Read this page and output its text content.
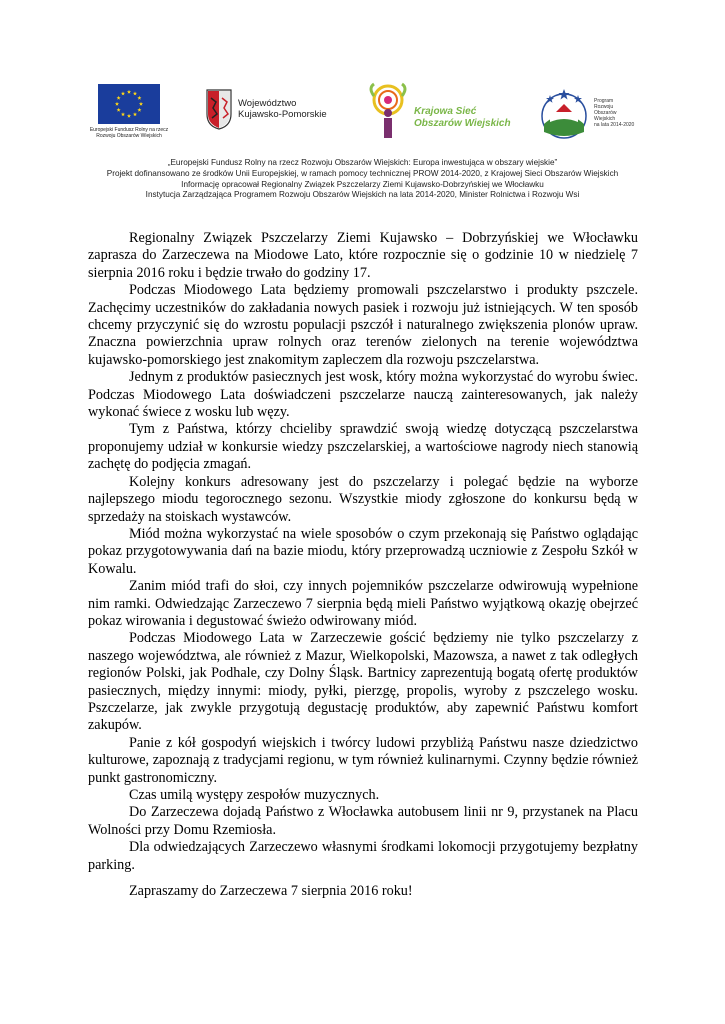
Europejski Fundusz Rolny na rzecz Rozwoju Obszarów Wiejskich
Województwo
Kujawsko-Pomorskie	Krajowa Sieć
Obszarów Wiejskich
Program
Rozwoju
Obszarów
Wiejskich
na lata 2014-2020
„Europejski Fundusz Rolny na rzecz Rozwoju Obszarów Wiejskich: Europa inwestująca w obszary wiejskie”
Projekt dofinansowano ze środków Unii Europejskiej, w ramach pomocy technicznej PROW 2014-2020, z Krajowej Sieci Obszarów Wiejskich
Informację opracował Regionalny Związek Pszczelarzy Ziemi Kujawsko-Dobrzyńskiej we Włocławku
Instytucja Zarządzająca Programem Rozwoju Obszarów Wiejskich na lata 2014-2020, Minister Rolnictwa i Rozwoju Wsi

Regionalny Związek Pszczelarzy Ziemi Kujawsko – Dobrzyńskiej we Włocławku zaprasza do Zarzeczewa na Miodowe Lato, które rozpocznie się o godzinie 10 w niedzielę 7 sierpnia 2016 roku i będzie trwało do godziny 17.

Podczas Miodowego Lata będziemy promowali pszczelarstwo i produkty pszczele. Zachęcimy uczestników do zakładania nowych pasiek i rozwoju już istniejących. W ten sposób chcemy przyczynić się do wzrostu populacji pszczół i naturalnego zwiększenia plonów upraw. Znaczna powierzchnia upraw rolnych oraz terenów zielonych na terenie województwa kujawsko-pomorskiego jest znakomitym zapleczem dla rozwoju pszczelarstwa.

Jednym z produktów pasiecznych jest wosk, który można wykorzystać do wyrobu świec. Podczas Miodowego Lata doświadczeni pszczelarze nauczą zainteresowanych, jak należy wykonać świece z wosku lub węzy.

Tym z Państwa, którzy chcieliby sprawdzić swoją wiedzę dotyczącą pszczelarstwa proponujemy udział w konkursie wiedzy pszczelarskiej, a wartościowe nagrody niech stanowią zachętę do podjęcia zmagań.

Kolejny konkurs adresowany jest do pszczelarzy i polegać będzie na wyborze najlepszego miodu tegorocznego sezonu. Wszystkie miody zgłoszone do konkursu będą w sprzedaży na stoiskach wystawców.

Miód można wykorzystać na wiele sposobów o czym przekonają się Państwo oglądając pokaz przygotowywania dań na bazie miodu, który przeprowadzą uczniowie z Zespołu Szkół w Kowalu.

Zanim miód trafi do słoi, czy innych pojemników pszczelarze odwirowują wypełnione nim ramki. Odwiedzając Zarzeczewo 7 sierpnia będą mieli Państwo wyjątkową okazję obejrzeć pokaz wirowania i degustować świeżo odwirowany miód.

Podczas Miodowego Lata w Zarzeczewie gościć będziemy nie tylko pszczelarzy z naszego województwa, ale również z Mazur, Wielkopolski, Mazowsza, a nawet z tak odległych regionów Polski, jak Podhale, czy Dolny Śląsk. Bartnicy zaprezentują bogatą ofertę produktów pasiecznych, między innymi: miody, pyłki, pierzgę, propolis, wyroby z pszczelego wosku. Pszczelarze, jak zwykle przygotują degustację produktów, aby zapewnić Państwu komfort zakupów.

Panie z kół gospodyń wiejskich i twórcy ludowi przybliżą Państwu nasze dziedzictwo kulturowe, zapoznają z tradycjami regionu, w tym również kulinarnymi. Czynny będzie również punkt gastronomiczny.

Czas umilą występy zespołów muzycznych.

Do Zarzeczewa dojadą Państwo z Włocławka autobusem linii nr 9, przystanek na Placu Wolności przy Domu Rzemiosła.

Dla odwiedzających Zarzeczewo własnymi środkami lokomocji przygotujemy bezpłatny parking.

Zapraszamy do Zarzeczewa 7 sierpnia 2016 roku!
